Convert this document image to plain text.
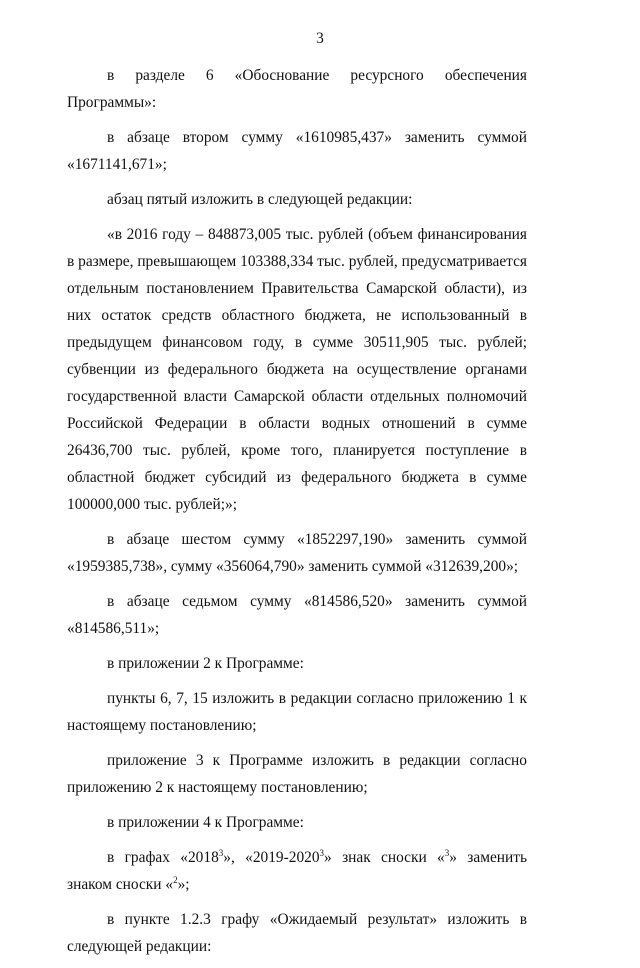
3

в разделе 6 «Обоснование ресурсного обеспечения Программы»:

в абзаце втором сумму «1610985,437» заменить суммой «1671141,671»;

абзац пятый изложить в следующей редакции:

«в 2016 году – 848873,005 тыс. рублей (объем финансирования в размере, превышающем 103388,334 тыс. рублей, предусматривается отдельным постановлением Правительства Самарской области), из них остаток средств областного бюджета, не использованный в предыдущем финансовом году, в сумме 30511,905 тыс. рублей; субвенции из федерального бюджета на осуществление органами государственной власти Самарской области отдельных полномочий Российской Федерации в области водных отношений в сумме 26436,700 тыс. рублей, кроме того, планируется поступление в областной бюджет субсидий из федерального бюджета в сумме 100000,000 тыс. рублей;»;

в абзаце шестом сумму «1852297,190» заменить суммой «1959385,738», сумму «356064,790» заменить суммой «312639,200»;

в абзаце седьмом сумму «814586,520» заменить суммой «814586,511»;

в приложении 2 к Программе:

пункты 6, 7, 15 изложить в редакции согласно приложению 1 к настоящему постановлению;

приложение 3 к Программе изложить в редакции согласно приложению 2 к настоящему постановлению;

в приложении 4 к Программе:

в графах «2018$^3$», «2019-2020$^3$» знак сноски «$^3$» заменить знаком сноски «$^2$»;

в пункте 1.2.3 графу «Ожидаемый результат» изложить в следующей редакции:
